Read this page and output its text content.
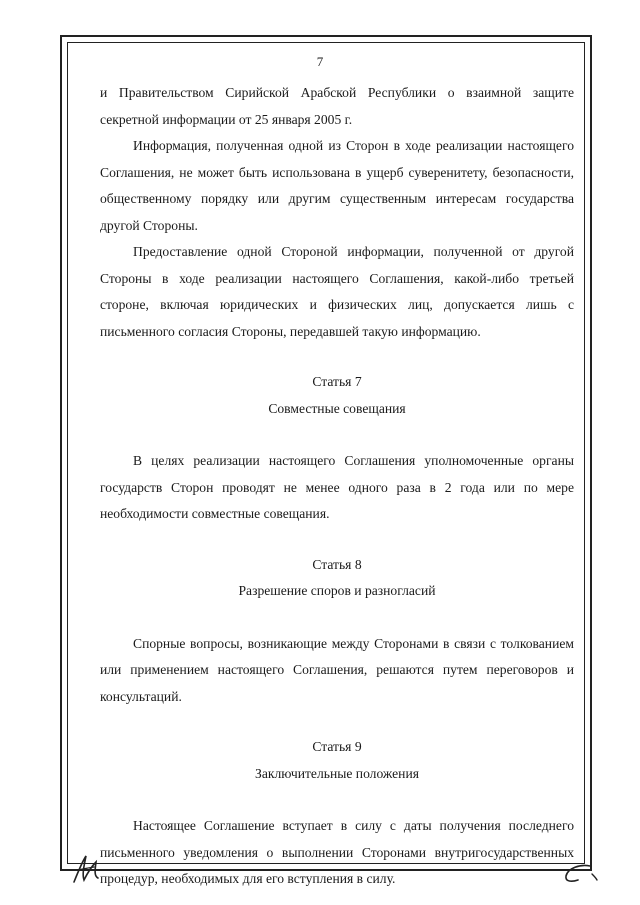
7

и Правительством Сирийской Арабской Республики о взаимной защите секретной информации от 25 января 2005 г.

Информация, полученная одной из Сторон в ходе реализации настоящего Соглашения, не может быть использована в ущерб суверенитету, безопасности, общественному порядку или другим существенным интересам государства другой Стороны.

Предоставление одной Стороной информации, полученной от другой Стороны в ходе реализации настоящего Соглашения, какой-либо третьей стороне, включая юридических и физических лиц, допускается лишь с письменного согласия Стороны, передавшей такую информацию.

Статья 7

Совместные совещания

В целях реализации настоящего Соглашения уполномоченные органы государств Сторон проводят не менее одного раза в 2 года или по мере необходимости совместные совещания.

Статья 8

Разрешение споров и разногласий

Спорные вопросы, возникающие между Сторонами в связи с толкованием или применением настоящего Соглашения, решаются путем переговоров и консультаций.

Статья 9

Заключительные положения

Настоящее Соглашение вступает в силу с даты получения последнего письменного уведомления о выполнении Сторонами внутригосударственных процедур, необходимых для его вступления в силу.
